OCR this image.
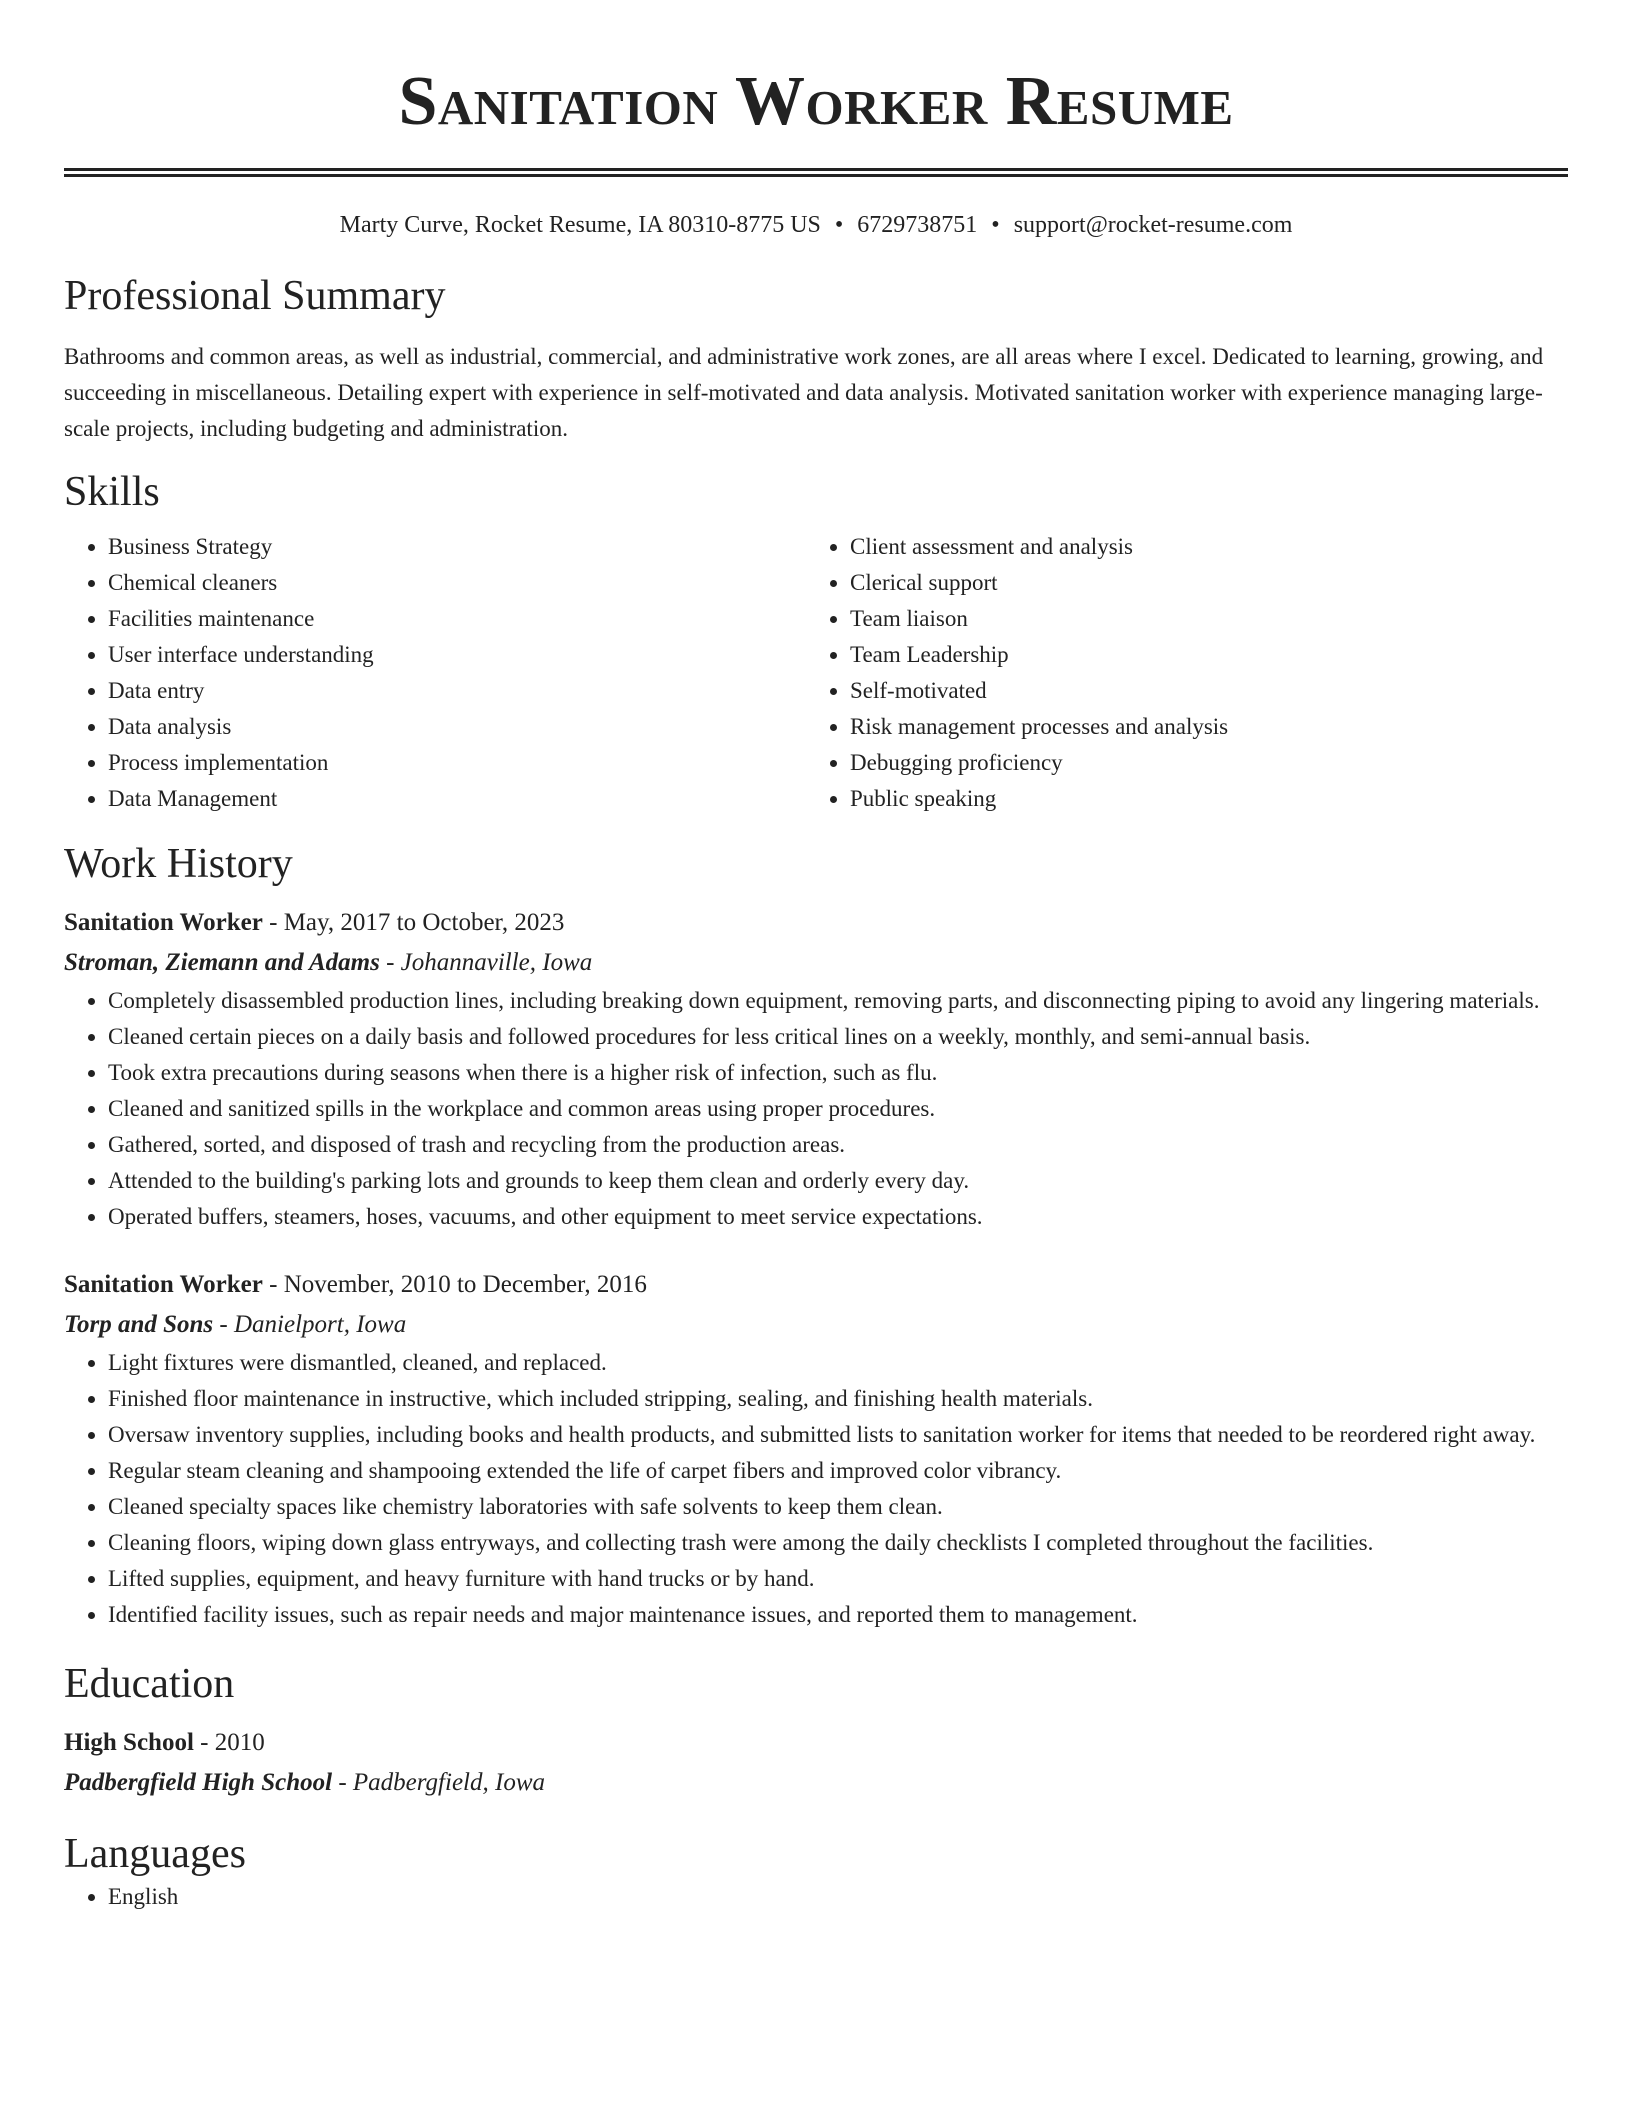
Sanitation Worker Resume
Marty Curve, Rocket Resume, IA 80310-8775 US • 6729738751 • support@rocket-resume.com
Professional Summary

Bathrooms and common areas, as well as industrial, commercial, and administrative work zones, are all areas where I excel. Dedicated to learning, growing, and succeeding in miscellaneous. Detailing expert with experience in self-motivated and data analysis. Motivated sanitation worker with experience managing large-scale projects, including budgeting and administration.

Skills
• Business Strategy
• Chemical cleaners
• Facilities maintenance
• User interface understanding
• Data entry
• Data analysis
• Process implementation
• Data Management
• Client assessment and analysis
• Clerical support
• Team liaison
• Team Leadership
• Self-motivated
• Risk management processes and analysis
• Debugging proficiency
• Public speaking
Work History
Sanitation Worker - May, 2017 to October, 2023
Stroman, Ziemann and Adams - Johannaville, Iowa
• Completely disassembled production lines, including breaking down equipment, removing parts, and disconnecting piping to avoid any lingering materials.
• Cleaned certain pieces on a daily basis and followed procedures for less critical lines on a weekly, monthly, and semi-annual basis.
• Took extra precautions during seasons when there is a higher risk of infection, such as flu.
• Cleaned and sanitized spills in the workplace and common areas using proper procedures.
• Gathered, sorted, and disposed of trash and recycling from the production areas.
• Attended to the building's parking lots and grounds to keep them clean and orderly every day.
• Operated buffers, steamers, hoses, vacuums, and other equipment to meet service expectations.
Sanitation Worker - November, 2010 to December, 2016
Torp and Sons - Danielport, Iowa
• Light fixtures were dismantled, cleaned, and replaced.
• Finished floor maintenance in instructive, which included stripping, sealing, and finishing health materials.
• Oversaw inventory supplies, including books and health products, and submitted lists to sanitation worker for items that needed to be reordered right away.
• Regular steam cleaning and shampooing extended the life of carpet fibers and improved color vibrancy.
• Cleaned specialty spaces like chemistry laboratories with safe solvents to keep them clean.
• Cleaning floors, wiping down glass entryways, and collecting trash were among the daily checklists I completed throughout the facilities.
• Lifted supplies, equipment, and heavy furniture with hand trucks or by hand.
• Identified facility issues, such as repair needs and major maintenance issues, and reported them to management.
Education
High School - 2010
Padbergfield High School - Padbergfield, Iowa
Languages
• English
